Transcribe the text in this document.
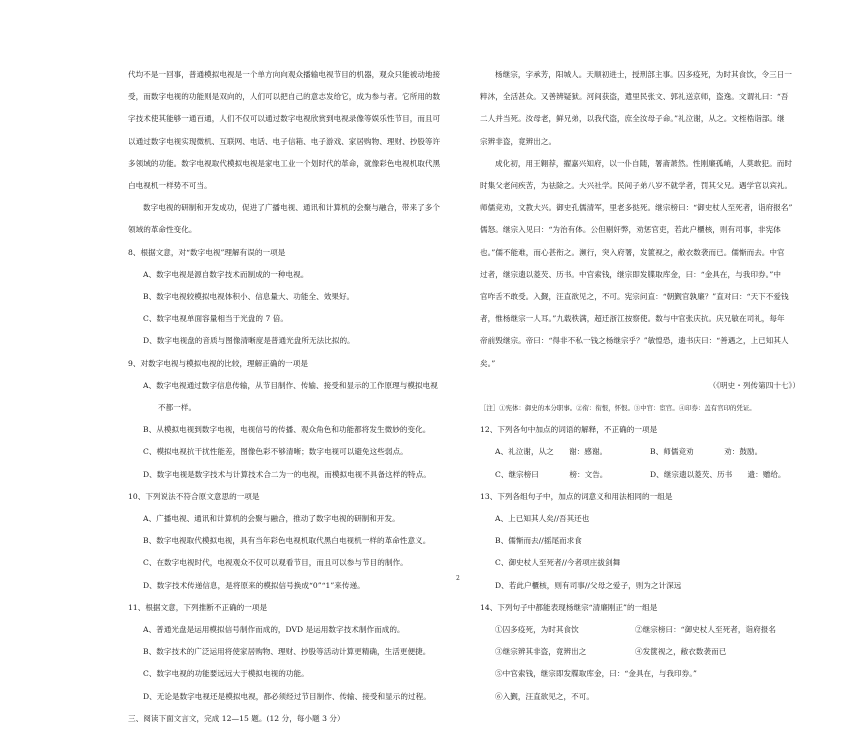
代均不是一回事，普通模拟电视是一个单方向向观众播输电视节目的机器，观众只能被动地接
受，而数字电视的功能则是双向的，人们可以把自己的意志发给它，成为参与者。它所用的数
字技术使其能够一通百通，人们不仅可以通过数字电视欣赏到电视录像等娱乐性节目，而且可
以通过数字电视实现微机、互联网、电话、电子信箱、电子游戏、家居购物、理财、抄股等许
多领域的功能。数字电视取代模拟电视是家电工业一个划时代的革命，就像彩色电视机取代黑
白电视机一样势不可当。
数字电视的研制和开发成功，促进了广播电视、通讯和计算机的会聚与融合，带来了多个
领域的革命性变化。
8、根据文意，对“数字电视”理解有误的一项是
A、数字电视是源自数字技术而制成的一种电视。
B、数字电视较模拟电视体积小、信息量大、功能全、效果好。
C、数字电视单面容量相当于光盘的 7 倍。
D、数字电视盘的音质与图像清晰度是普通光盘所无法比拟的。
9、对数字电视与模拟电视的比较，理解正确的一项是
A、数字电视通过数字信息传输，从节目制作、传输、接受和显示的工作原理与模拟电视
不都一样。
B、从模拟电视到数字电视，电视信号的传播、观众角色和功能都将发生微妙的变化。
C、模拟电视抗干扰性能差，图像色彩不够清晰；数字电视可以避免这些弱点。
D、数字电视是数字技术与计算技术合二为一的电视，而模拟电视不具备这样的特点。
10、下列说法不符合原文意思的一项是
A、广播电视、通讯和计算机的会聚与融合，推动了数字电视的研制和开发。
B、数字电视取代模拟电视，具有当年彩色电视机取代黑白电视机一样的革命性意义。
C、在数字电视时代，电视观众不仅可以观看节目，而且可以参与节目的制作。
D、数字技术传递信息，是将原来的模拟信号换成“0”“1”来传递。
11、根据文意，下列推断不正确的一项是
A、普通光盘是运用模拟信号制作而成的，DVD 是运用数字技术制作而成的。
B、数字技术的广泛运用将使家居购物、理财、抄股等活动计算更精确，生活更便捷。
C、数字电视的功能要远远大于模拟电视的功能。
D、无论是数字电视还是模拟电视，都必须经过节目制作、传输、接受和显示的过程。
三、阅读下面文言文，完成 12—15 题。(12 分，每小题 3 分）
杨继宗，字承芳，阳城人。天顺初进士，授刑部主事。囚多疫死，为时其食饮，令三日一
粹沐，全活甚众。又善辨疑狱。河间获盗，遣里民张文、郭礼送京师，盗逸。文谓礼曰：“吾
二人并当死。汝母老，鲜兄弟，以我代盗，庶全汝母子命。”礼泣谢，从之。文桎梏诣部。继
宗辨非盗，竟辨出之。
成化初，用王翱荐，擢嘉兴知府，以一仆自随，署斋萧然。性刚廉孤峭，人莫敢犯。而时
时集父老问疾苦，为祛除之。大兴社学。民间子弟八岁不就学者，罚其父兄。遇学官以宾礼。
师儒竞劝，文教大兴。御史孔儒清军，里老多挞死。继宗榜曰：“御史杖人至死者，诣府报名”
儒怒。继宗入见曰：“为治有体。公但剔奸弊，劝惩官吏，若此户櫃核，则有司事，非宪体
也。”儒不能难，而心甚衔之。濒行，突入府署，发篋视之，敝衣数袭而已。儒惭而去。中官
过者，继宗遗以菱芡、历书。中官索钱，继宗即发牒取库金，曰：“金具在，与我印券。”中
官咋舌不敢受。入觐，汪直欲见之，不可。宪宗问直：“朝觐官孰廉？”直对曰：“天下不爱钱
者，惟杨继宗一人耳。”九载秩满，超迁浙江按察使。数与中官张庆抗。庆兄敏在司礼，每年
帝前毁继宗。帝曰：“得非不私一钱之杨继宗乎？”敏惶恐，遗书庆曰：“善遇之，上已知其人
矣。”
（《明史・列传第四十七》）
［注］①宪体：御史的本分职事。②衔：衔恨，怀恨。③中官：宦官。④印券：盖有官印的凭证。
12、下列各句中加点的词语的解释，不正确的一项是
A、礼泣谢，从之　　谢：感谢。	B、师儒竞劝　　　　劝：鼓励。
C、继宗榜曰　　　　榜：文告。	D、继宗遗以菱芡、历书　　遗：赠给。
13、下列各组句子中，加点的词意义和用法相同的一组是
A、上已知其人矣//吾其还也
B、儒惭而去//摇尾而求食
C、御史杖人至死者//今者项庄拔剑舞
D、若此户櫃核，则有司事//父母之爱子，则为之计深远
14、下列句子中都能表现杨继宗“清廉刚正”的一组是
①囚多疫死，为时其食饮	②继宗榜曰：“御史杖人至死者，诣府报名
③继宗辨其非盗，竟辨出之	④发篋视之，敝衣数袭而已
⑤中官索钱，继宗即发牒取库金，曰：“金具在，与我印券。”
⑥入觐，汪直欲见之，不可。
2
